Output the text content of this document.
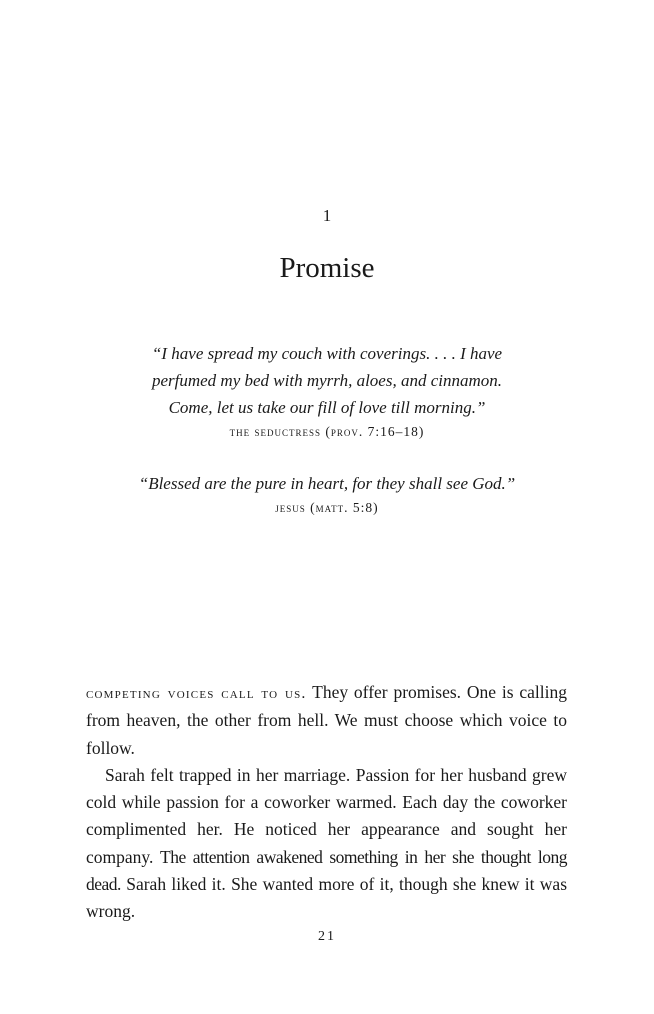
1
Promise
“I have spread my couch with coverings. . . . I have
perfumed my bed with myrrh, aloes, and cinnamon.
Come, let us take our fill of love till morning.”
the seductress (prov. 7:16–18)
“Blessed are the pure in heart, for they shall see God.”
jesus (matt. 5:8)

competing voices call to us. They offer promises. One is calling from heaven, the other from hell. We must choose which voice to follow.

Sarah felt trapped in her marriage. Passion for her husband grew cold while passion for a coworker warmed. Each day the coworker complimented her. He noticed her appearance and sought her company. The attention awakened something in her she thought long dead. Sarah liked it. She wanted more of it, though she knew it was wrong.

21
